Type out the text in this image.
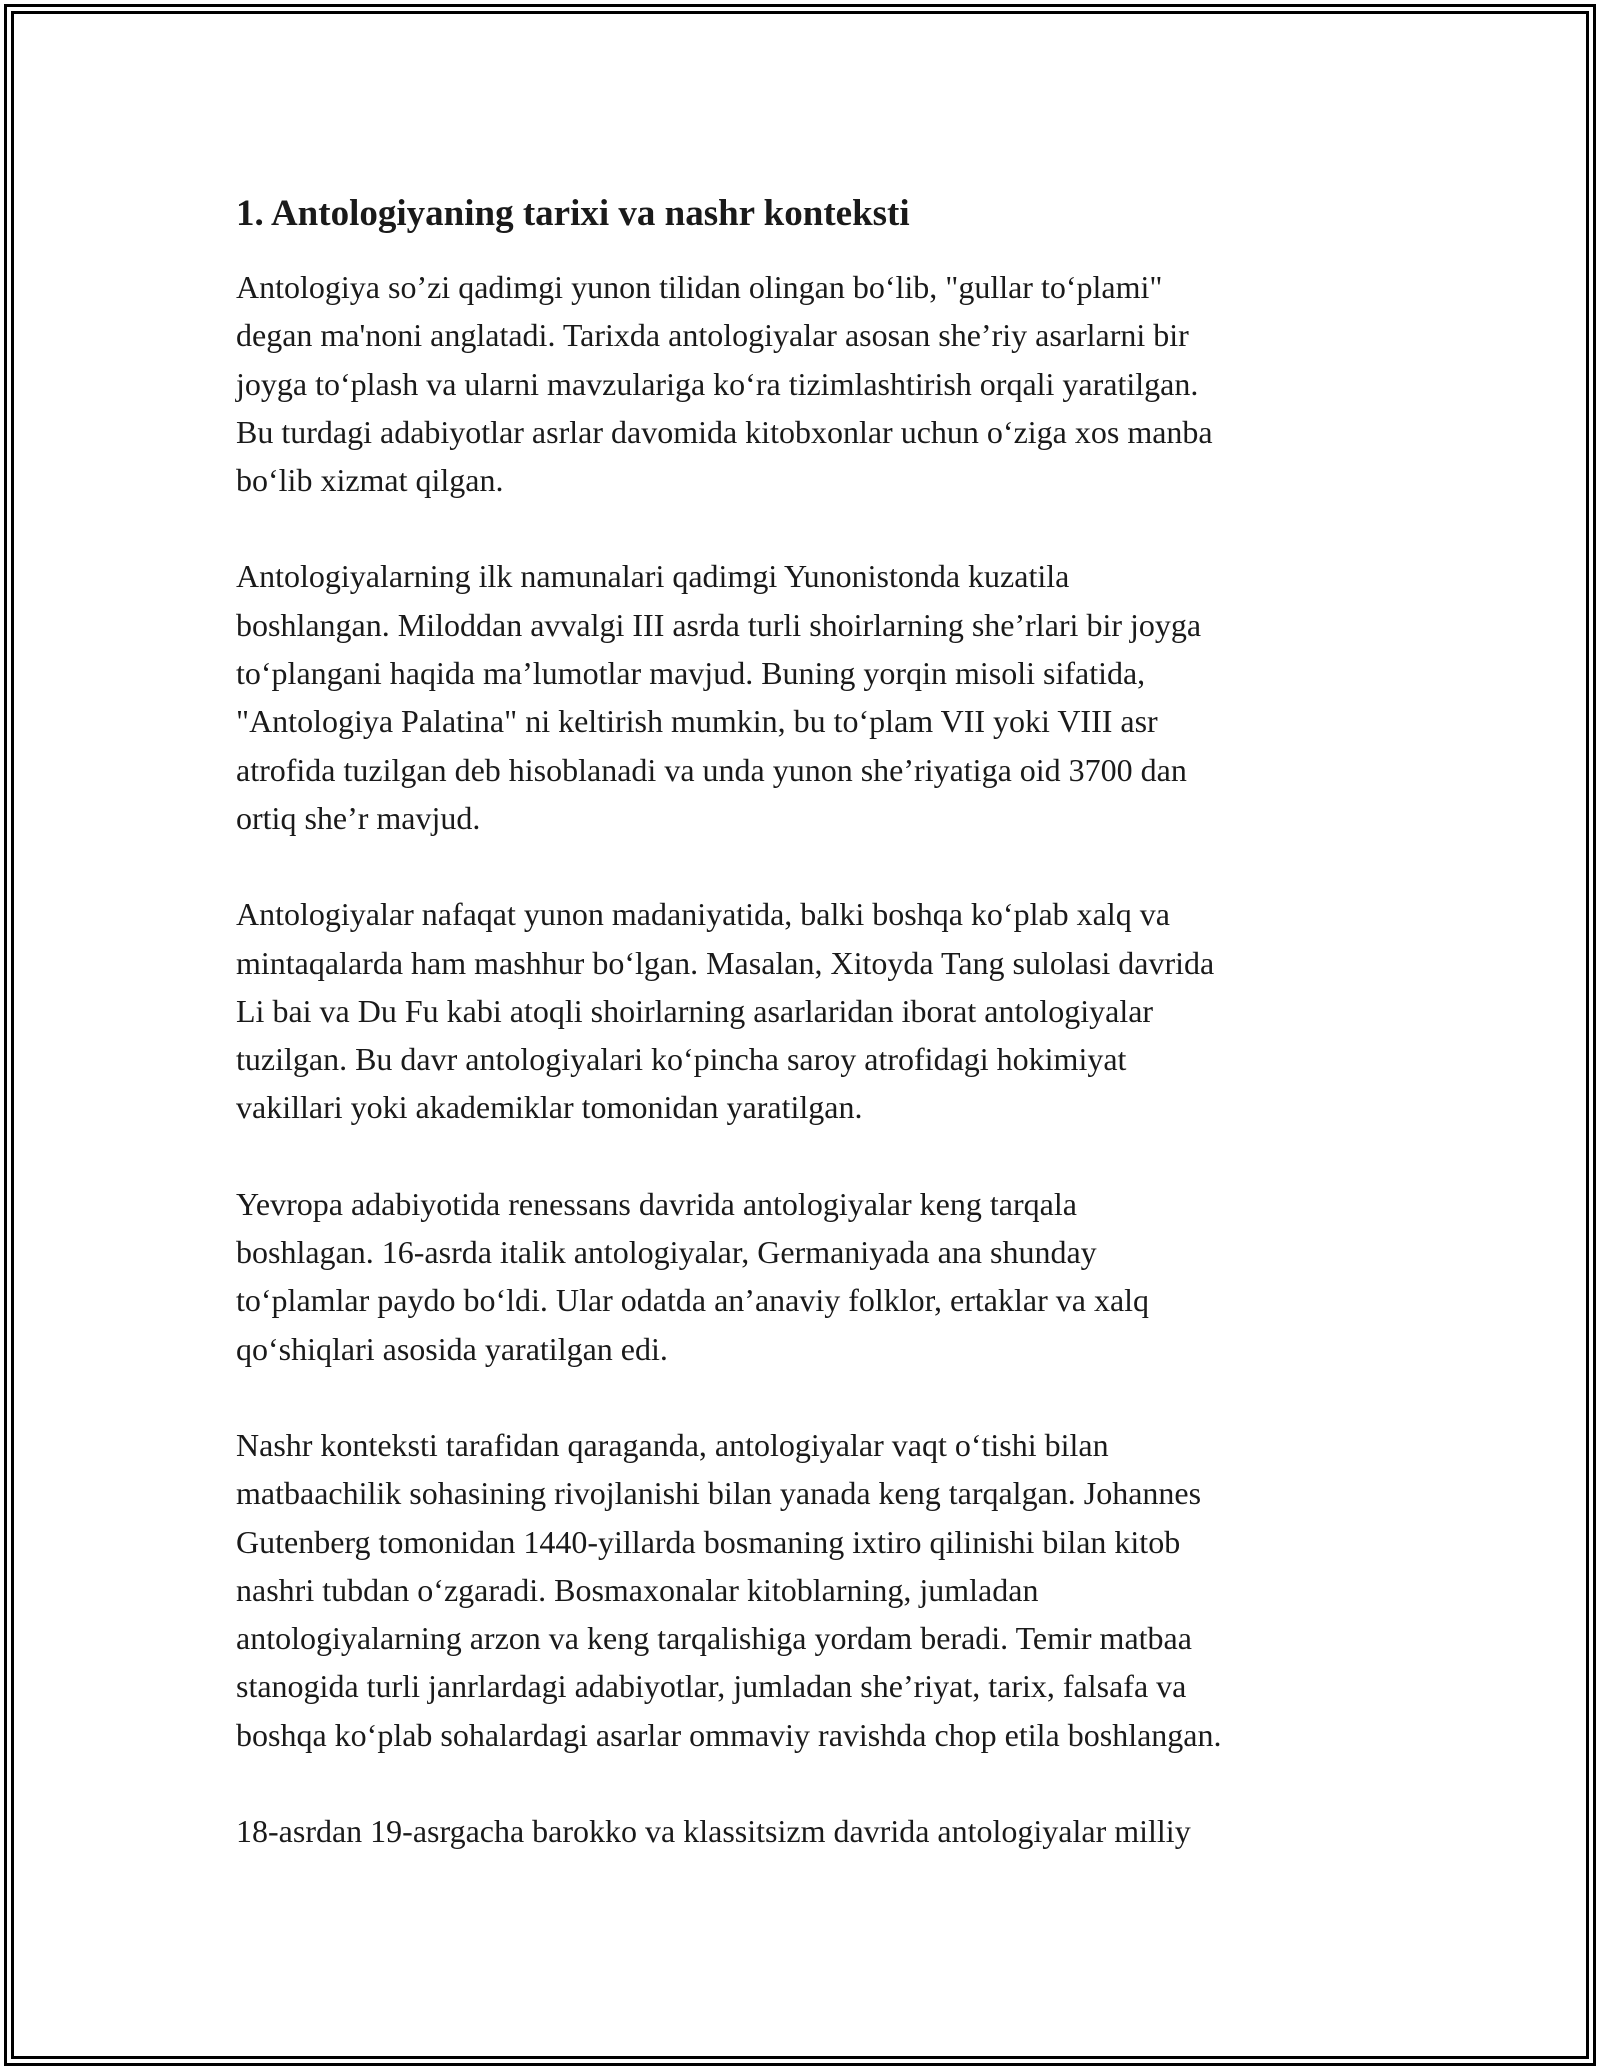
1. Antologiyaning tarixi va nashr konteksti

Antologiya so’zi qadimgi yunon tilidan olingan bo‘lib, "gullar to‘plami"
degan ma'noni anglatadi. Tarixda antologiyalar asosan she’riy asarlarni bir
joyga to‘plash va ularni mavzulariga ko‘ra tizimlashtirish orqali yaratilgan.
Bu turdagi adabiyotlar asrlar davomida kitobxonlar uchun o‘ziga xos manba
bo‘lib xizmat qilgan.

Antologiyalarning ilk namunalari qadimgi Yunonistonda kuzatila
boshlangan. Miloddan avvalgi III asrda turli shoirlarning she’rlari bir joyga
to‘plangani haqida ma’lumotlar mavjud. Buning yorqin misoli sifatida,
"Antologiya Palatina" ni keltirish mumkin, bu to‘plam VII yoki VIII asr
atrofida tuzilgan deb hisoblanadi va unda yunon she’riyatiga oid 3700 dan
ortiq she’r mavjud.

Antologiyalar nafaqat yunon madaniyatida, balki boshqa ko‘plab xalq va
mintaqalarda ham mashhur bo‘lgan. Masalan, Xitoyda Tang sulolasi davrida
Li bai va Du Fu kabi atoqli shoirlarning asarlaridan iborat antologiyalar
tuzilgan. Bu davr antologiyalari ko‘pincha saroy atrofidagi hokimiyat
vakillari yoki akademiklar tomonidan yaratilgan.

Yevropa adabiyotida renessans davrida antologiyalar keng tarqala
boshlagan. 16-asrda italik antologiyalar, Germaniyada ana shunday
to‘plamlar paydo bo‘ldi. Ular odatda an’anaviy folklor, ertaklar va xalq
qo‘shiqlari asosida yaratilgan edi.

Nashr konteksti tarafidan qaraganda, antologiyalar vaqt o‘tishi bilan
matbaachilik sohasining rivojlanishi bilan yanada keng tarqalgan. Johannes
Gutenberg tomonidan 1440-yillarda bosmaning ixtiro qilinishi bilan kitob
nashri tubdan o‘zgaradi. Bosmaxonalar kitoblarning, jumladan
antologiyalarning arzon va keng tarqalishiga yordam beradi. Temir matbaa
stanogida turli janrlardagi adabiyotlar, jumladan she’riyat, tarix, falsafa va
boshqa ko‘plab sohalardagi asarlar ommaviy ravishda chop etila boshlangan.

18-asrdan 19-asrgacha barokko va klassitsizm davrida antologiyalar milliy
